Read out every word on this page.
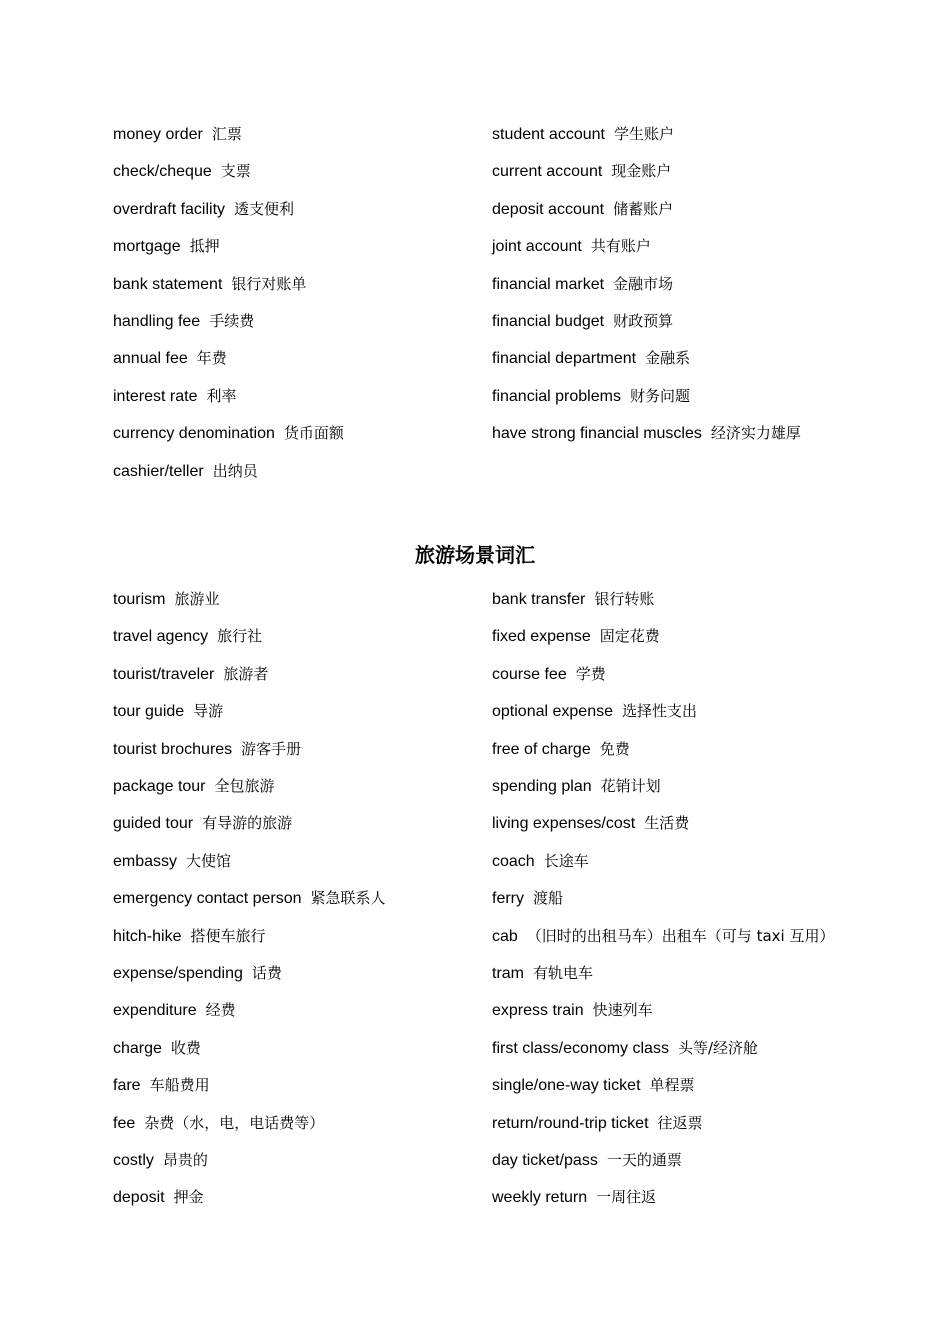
money order 汇票
check/cheque 支票
overdraft facility 透支便利
mortgage 抵押
bank statement 银行对账单
handling fee 手续费
annual fee 年费
interest rate 利率
currency denomination 货币面额
cashier/teller 出纳员
student account 学生账户
current account 现金账户
deposit account 储蓄账户
joint account 共有账户
financial market 金融市场
financial budget 财政预算
financial department 金融系
financial problems 财务问题
have strong financial muscles 经济实力雄厚
旅游场景词汇
tourism 旅游业
travel agency 旅行社
tourist/traveler 旅游者
tour guide 导游
tourist brochures 游客手册
package tour 全包旅游
guided tour 有导游的旅游
embassy 大使馆
emergency contact person 紧急联系人
hitch-hike 搭便车旅行
expense/spending 话费
expenditure 经费
charge 收费
fare 车船费用
fee 杂费（水，电，电话费等）
costly 昂贵的
deposit 押金
bank transfer 银行转账
fixed expense 固定花费
course fee 学费
optional expense 选择性支出
free of charge 免费
spending plan 花销计划
living expenses/cost 生活费
coach 长途车
ferry 渡船
cab （旧时的出租马车）出租车（可与 taxi 互用）
tram 有轨电车
express train 快速列车
first class/economy class 头等/经济舱
single/one-way ticket 单程票
return/round-trip ticket 往返票
day ticket/pass 一天的通票
weekly return 一周往返
